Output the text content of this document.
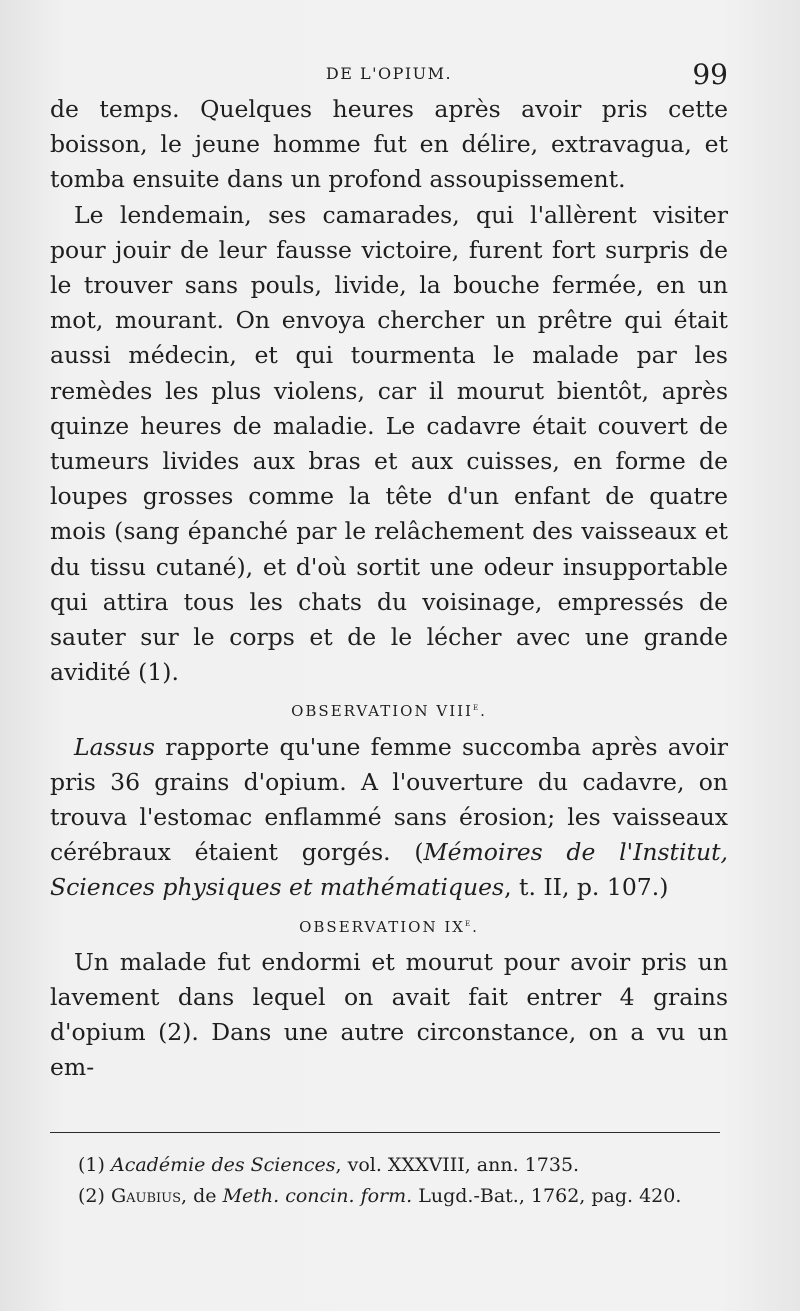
DE L'OPIUM.	99

de temps. Quelques heures après avoir pris cette boisson, le jeune homme fut en délire, extravagua, et tomba ensuite dans un profond assoupissement.

Le lendemain, ses camarades, qui l'allèrent visiter pour jouir de leur fausse victoire, furent fort surpris de le trouver sans pouls, livide, la bouche fermée, en un mot, mourant. On envoya chercher un prêtre qui était aussi médecin, et qui tourmenta le malade par les remèdes les plus violens, car il mourut bientôt, après quinze heures de maladie. Le cadavre était couvert de tumeurs livides aux bras et aux cuisses, en forme de loupes grosses comme la tête d'un enfant de quatre mois (sang épanché par le relâchement des vaisseaux et du tissu cutané), et d'où sortit une odeur insupportable qui attira tous les chats du voisinage, empressés de sauter sur le corps et de le lécher avec une grande avidité (1).

OBSERVATION VIIIe.

Lassus rapporte qu'une femme succomba après avoir pris 36 grains d'opium. A l'ouverture du cadavre, on trouva l'estomac enflammé sans érosion; les vaisseaux cérébraux étaient gorgés. (Mémoires de l'Institut, Sciences physiques et mathématiques, t. II, p. 107.)

OBSERVATION IXe.

Un malade fut endormi et mourut pour avoir pris un lavement dans lequel on avait fait entrer 4 grains d'opium (2). Dans une autre circonstance, on a vu un em-

(1) Académie des Sciences, vol. XXXVIII, ann. 1735.

(2) Gaubius, de Meth. concin. form. Lugd.-Bat., 1762, pag. 420.
